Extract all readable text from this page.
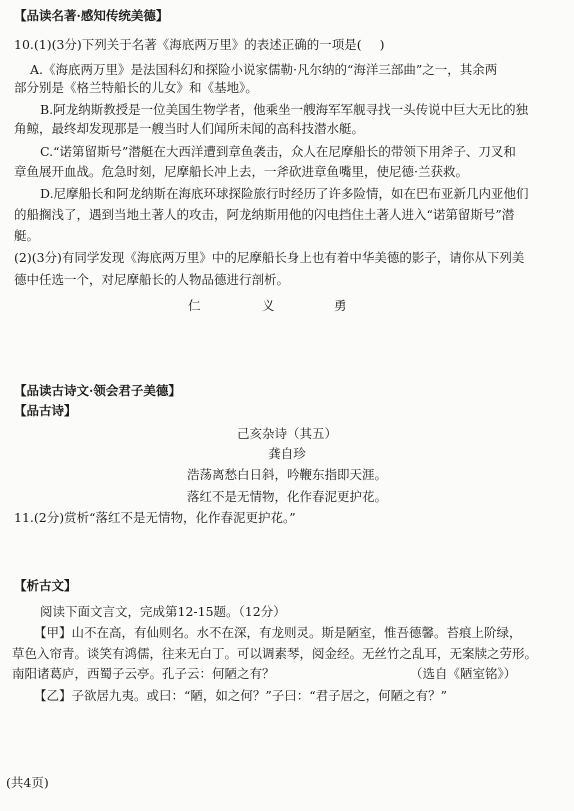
【品读名著·感知传统美德】
10.(1)(3分)下列关于名著《海底两万里》的表述正确的一项是( )
A.《海底两万里》是法国科幻和探险小说家儒勒·凡尔纳的“海洋三部曲”之一，其余两
部分别是《格兰特船长的儿女》和《基地》。
B.阿龙纳斯教授是一位美国生物学者，他乘坐一艘海军军舰寻找一头传说中巨大无比的独
角鲸，最终却发现那是一艘当时人们闻所未闻的高科技潜水艇。
C.“诺第留斯号”潜艇在大西洋遭到章鱼袭击，众人在尼摩船长的带领下用斧子、刀叉和
章鱼展开血战。危急时刻，尼摩船长冲上去，一斧砍进章鱼嘴里，使尼德·兰获救。
D.尼摩船长和阿龙纳斯在海底环球探险旅行时经历了许多险情，如在巴布亚新几内亚他们
的船搁浅了，遇到当地土著人的攻击，阿龙纳斯用他的闪电挡住土著人进入“诺第留斯号”潜
艇。
(2)(3分)有同学发现《海底两万里》中的尼摩船长身上也有着中华美德的影子，请你从下列美
德中任选一个，对尼摩船长的人物品德进行剖析。
仁	义	勇
【品读古诗文·领会君子美德】
【品古诗】
己亥杂诗（其五）
龚自珍
浩荡离愁白日斜，吟鞭东指即天涯。
落红不是无情物，化作春泥更护花。
11.(2分)赏析“落红不是无情物，化作春泥更护花。”
【析古文】
阅读下面文言文，完成第12-15题。（12分）
【甲】山不在高，有仙则名。水不在深，有龙则灵。斯是陋室，惟吾德馨。苔痕上阶绿，
草色入帘青。谈笑有鸿儒，往来无白丁。可以调素琴，阅金经。无丝竹之乱耳，无案牍之劳形。
南阳诸葛庐，西蜀子云亭。孔子云：何陋之有？	（选自《陋室铭》）
【乙】子欲居九夷。或曰：“陋，如之何？”子曰：“君子居之，何陋之有？”
(共4页)
